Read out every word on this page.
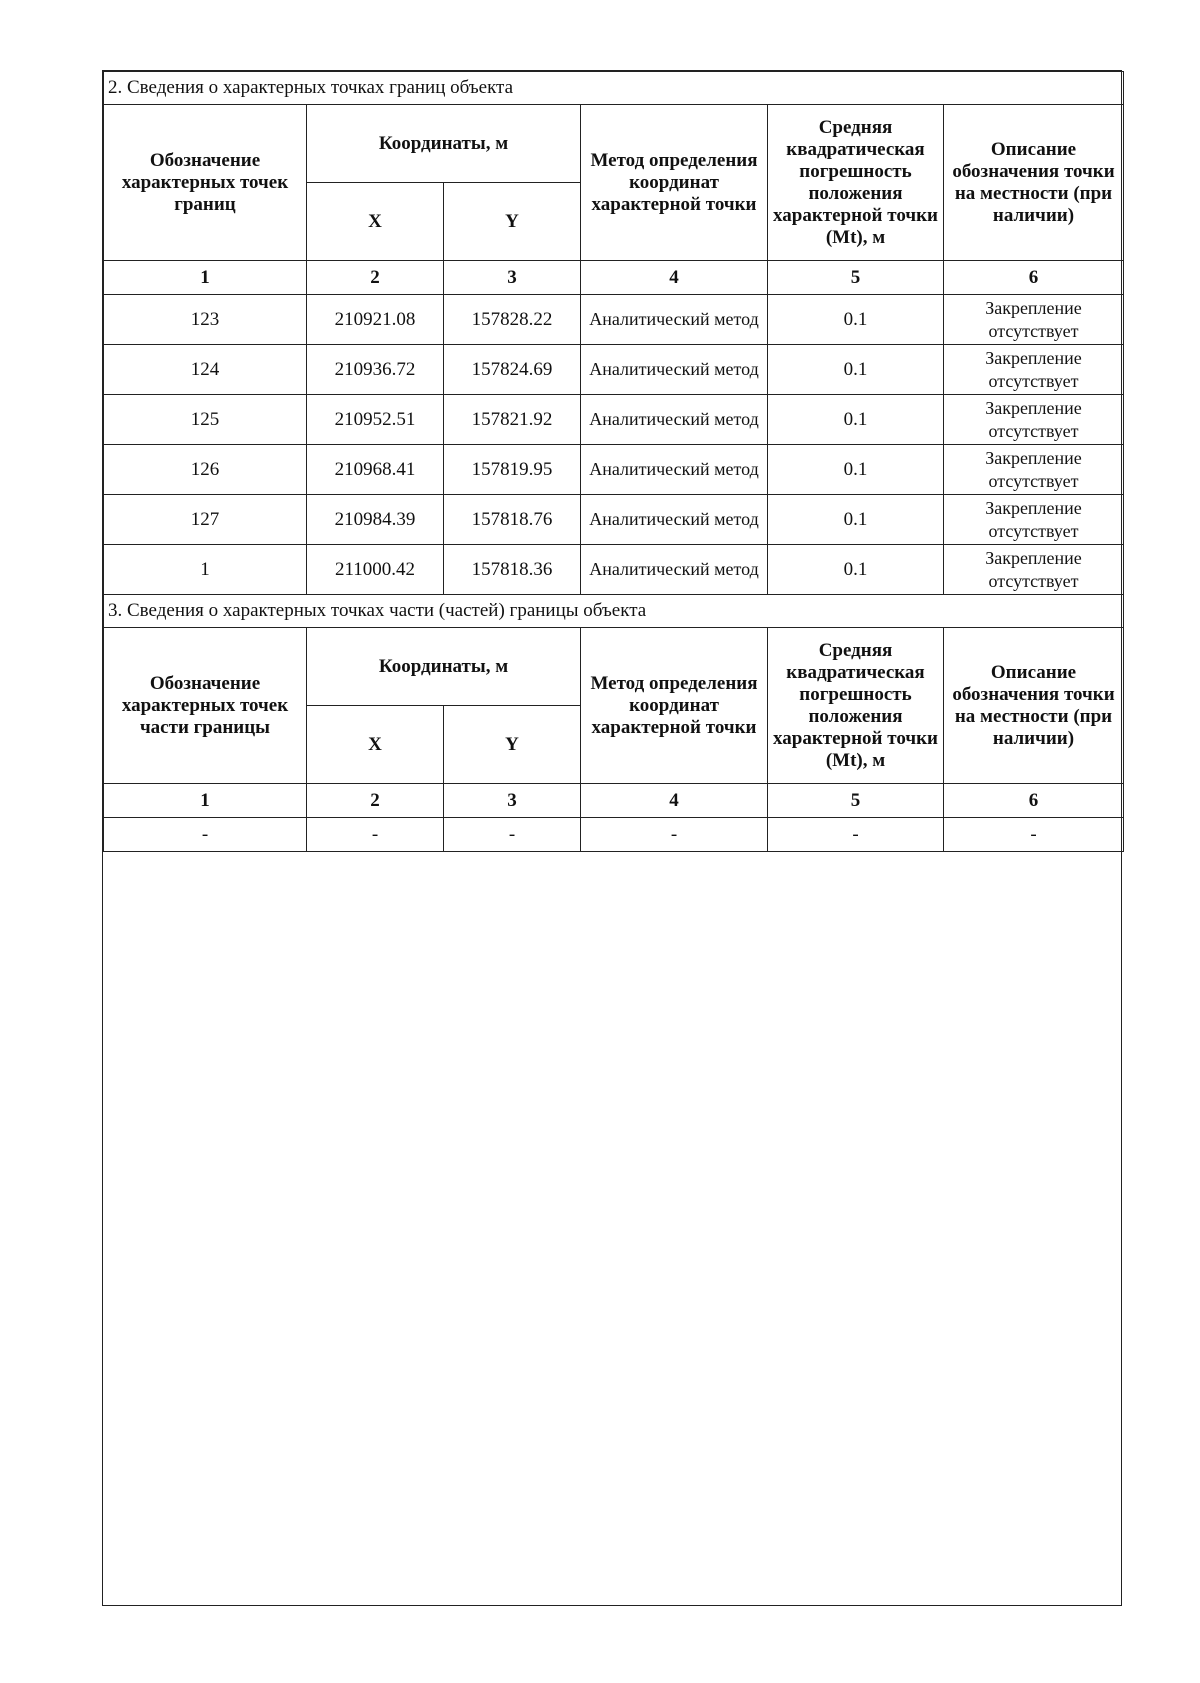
2. Сведения о характерных точках границ объекта					
Обозначение характерных точек границ	Координаты, м		Метод определения координат характерной точки	Средняя квадратическая погрешность положения характерной точки (Mt), м	Описание обозначения точки на местности (при наличии)
	X	Y			
1	2	3	4	5	6
123	210921.08	157828.22	Аналитический метод	0.1	Закрепление отсутствует
124	210936.72	157824.69	Аналитический метод	0.1	Закрепление отсутствует
125	210952.51	157821.92	Аналитический метод	0.1	Закрепление отсутствует
126	210968.41	157819.95	Аналитический метод	0.1	Закрепление отсутствует
127	210984.39	157818.76	Аналитический метод	0.1	Закрепление отсутствует
1	211000.42	157818.36	Аналитический метод	0.1	Закрепление отсутствует
3. Сведения о характерных точках части (частей) границы объекта					
Обозначение характерных точек части границы	Координаты, м		Метод определения координат характерной точки	Средняя квадратическая погрешность положения характерной точки (Mt), м	Описание обозначения точки на местности (при наличии)
	X	Y			
1	2	3	4	5	6
-	-	-	-	-	-
